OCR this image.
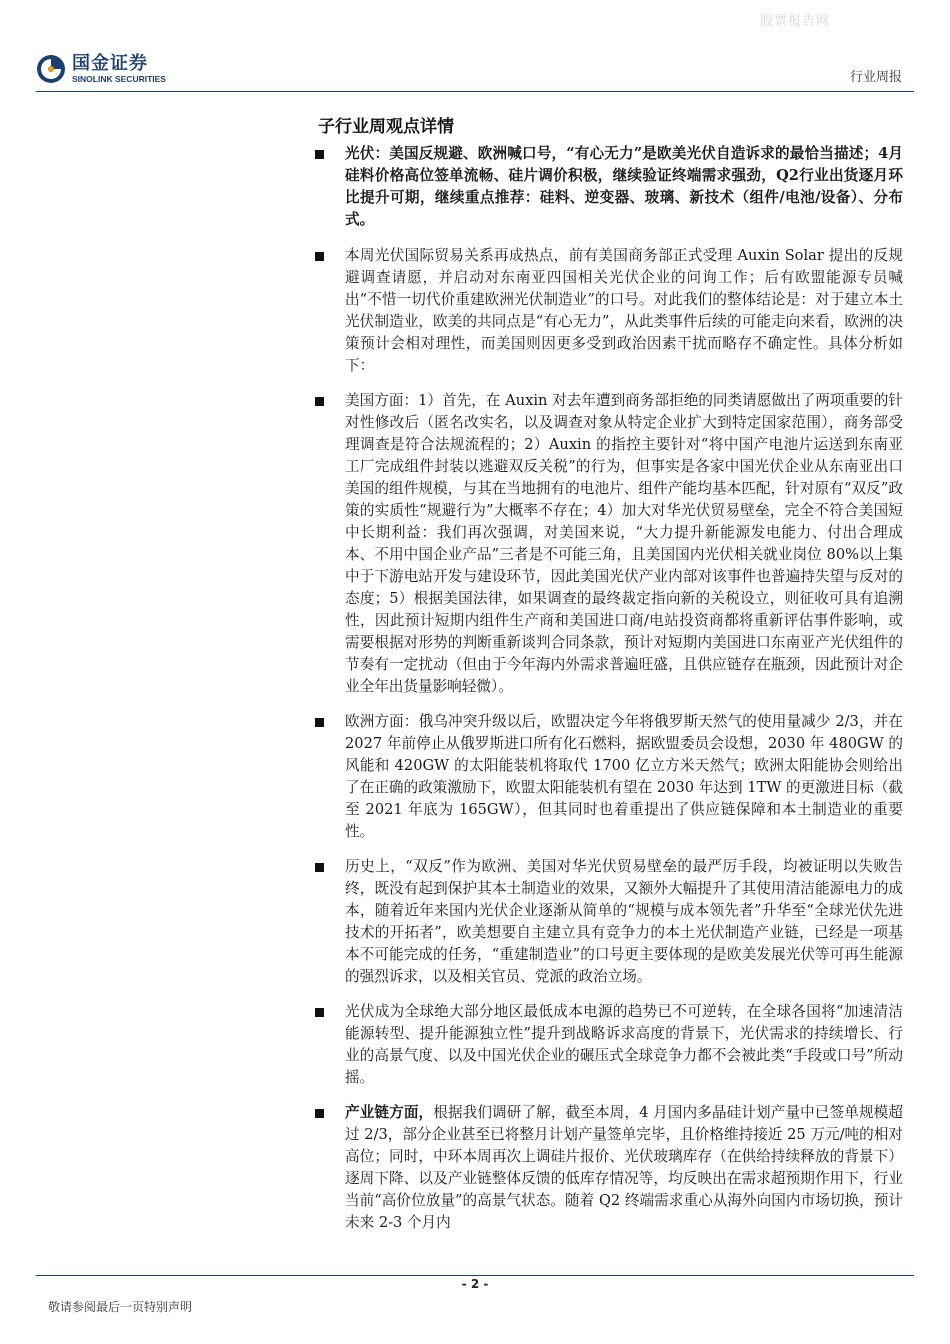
股票报告网
国金证券
SINOLINK SECURITIES	行业周报
子行业周观点详情
光伏：美国反规避、欧洲喊口号，“有心无力”是欧美光伏自造诉求的最恰当描述；4月硅料价格高位签单流畅、硅片调价积极，继续验证终端需求强劲，Q2行业出货逐月环比提升可期，继续重点推荐：硅料、逆变器、玻璃、新技术（组件/电池/设备）、分布式。
本周光伏国际贸易关系再成热点，前有美国商务部正式受理 Auxin Solar 提出的反规避调查请愿，并启动对东南亚四国相关光伏企业的问询工作；后有欧盟能源专员喊出“不惜一切代价重建欧洲光伏制造业”的口号。对此我们的整体结论是：对于建立本土光伏制造业，欧美的共同点是“有心无力”，从此类事件后续的可能走向来看，欧洲的决策预计会相对理性，而美国则因更多受到政治因素干扰而略存不确定性。具体分析如下：
美国方面：1）首先，在 Auxin 对去年遭到商务部拒绝的同类请愿做出了两项重要的针对性修改后（匿名改实名，以及调查对象从特定企业扩大到特定国家范围），商务部受理调查是符合法规流程的；2）Auxin 的指控主要针对“将中国产电池片运送到东南亚工厂完成组件封装以逃避双反关税”的行为，但事实是各家中国光伏企业从东南亚出口美国的组件规模，与其在当地拥有的电池片、组件产能均基本匹配，针对原有“双反”政策的实质性“规避行为”大概率不存在；4）加大对华光伏贸易壁垒，完全不符合美国短中长期利益：我们再次强调，对美国来说，“大力提升新能源发电能力、付出合理成本、不用中国企业产品”三者是不可能三角，且美国国内光伏相关就业岗位 80%以上集中于下游电站开发与建设环节，因此美国光伏产业内部对该事件也普遍持失望与反对的态度；5）根据美国法律，如果调查的最终裁定指向新的关税设立，则征收可具有追溯性，因此预计短期内组件生产商和美国进口商/电站投资商都将重新评估事件影响，或需要根据对形势的判断重新谈判合同条款，预计对短期内美国进口东南亚产光伏组件的节奏有一定扰动（但由于今年海内外需求普遍旺盛，且供应链存在瓶颈，因此预计对企业全年出货量影响轻微）。
欧洲方面：俄乌冲突升级以后，欧盟决定今年将俄罗斯天然气的使用量减少 2/3，并在 2027 年前停止从俄罗斯进口所有化石燃料，据欧盟委员会设想，2030 年 480GW 的风能和 420GW 的太阳能装机将取代 1700 亿立方米天然气；欧洲太阳能协会则给出了在正确的政策激励下，欧盟太阳能装机有望在 2030 年达到 1TW 的更激进目标（截至 2021 年底为 165GW），但其同时也着重提出了供应链保障和本土制造业的重要性。
历史上，“双反”作为欧洲、美国对华光伏贸易壁垒的最严厉手段，均被证明以失败告终，既没有起到保护其本土制造业的效果，又额外大幅提升了其使用清洁能源电力的成本，随着近年来国内光伏企业逐渐从简单的“规模与成本领先者”升华至“全球光伏先进技术的开拓者”，欧美想要自主建立具有竞争力的本土光伏制造产业链，已经是一项基本不可能完成的任务，“重建制造业”的口号更主要体现的是欧美发展光伏等可再生能源的强烈诉求，以及相关官员、党派的政治立场。
光伏成为全球绝大部分地区最低成本电源的趋势已不可逆转，在全球各国将“加速清洁能源转型、提升能源独立性”提升到战略诉求高度的背景下，光伏需求的持续增长、行业的高景气度、以及中国光伏企业的碾压式全球竞争力都不会被此类“手段或口号”所动摇。
产业链方面，根据我们调研了解，截至本周，4 月国内多晶硅计划产量中已签单规模超过 2/3，部分企业甚至已将整月计划产量签单完毕，且价格维持接近 25 万元/吨的相对高位；同时，中环本周再次上调硅片报价、光伏玻璃库存（在供给持续释放的背景下）逐周下降、以及产业链整体反馈的低库存情况等，均反映出在需求超预期作用下，行业当前“高价位放量”的高景气状态。随着 Q2 终端需求重心从海外向国内市场切换，预计未来 2-3 个月内
- 2 -
敬请参阅最后一页特别声明
